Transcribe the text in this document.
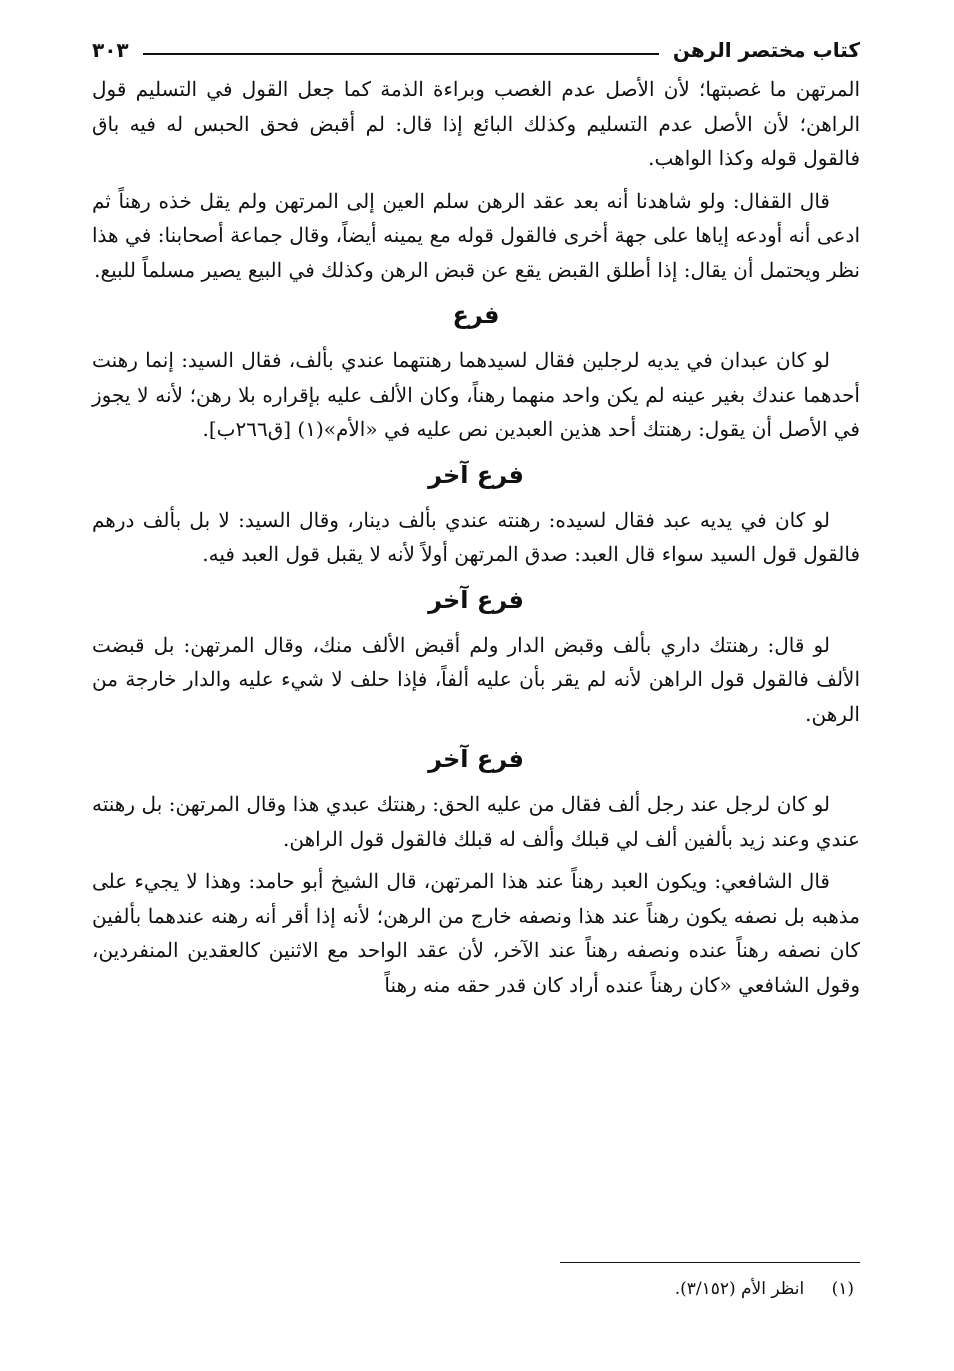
كتاب مختصر الرهن
٣٠٣

المرتهن ما غصبتها؛ لأن الأصل عدم الغصب وبراءة الذمة كما جعل القول في التسليم قول الراهن؛ لأن الأصل عدم التسليم وكذلك البائع إذا قال: لم أقبض فحق الحبس له فيه باق فالقول قوله وكذا الواهب.

قال القفال: ولو شاهدنا أنه بعد عقد الرهن سلم العين إلى المرتهن ولم يقل خذه رهناً ثم ادعى أنه أودعه إياها على جهة أخرى فالقول قوله مع يمينه أيضاً، وقال جماعة أصحابنا: في هذا نظر ويحتمل أن يقال: إذا أطلق القبض يقع عن قبض الرهن وكذلك في البيع يصير مسلماً للبيع.

فرع

لو كان عبدان في يديه لرجلين فقال لسيدهما رهنتهما عندي بألف، فقال السيد: إنما رهنت أحدهما عندك بغير عينه لم يكن واحد منهما رهناً، وكان الألف عليه بإقراره بلا رهن؛ لأنه لا يجوز في الأصل أن يقول: رهنتك أحد هذين العبدين نص عليه في «الأم»(١) [ق٢٦٦ب].

فرع آخر

لو كان في يديه عبد فقال لسيده: رهنته عندي بألف دينار، وقال السيد: لا بل بألف درهم فالقول قول السيد سواء قال العبد: صدق المرتهن أولاً لأنه لا يقبل قول العبد فيه.

فرع آخر

لو قال: رهنتك داري بألف وقبض الدار ولم أقبض الألف منك، وقال المرتهن: بل قبضت الألف فالقول قول الراهن لأنه لم يقر بأن عليه ألفاً، فإذا حلف لا شيء عليه والدار خارجة من الرهن.

فرع آخر

لو كان لرجل عند رجل ألف فقال من عليه الحق: رهنتك عبدي هذا وقال المرتهن: بل رهنته عندي وعند زيد بألفين ألف لي قبلك وألف له قبلك فالقول قول الراهن.

قال الشافعي: ويكون العبد رهناً عند هذا المرتهن، قال الشيخ أبو حامد: وهذا لا يجيء على مذهبه بل نصفه يكون رهناً عند هذا ونصفه خارج من الرهن؛ لأنه إذا أقر أنه رهنه عندهما بألفين كان نصفه رهناً عنده ونصفه رهناً عند الآخر، لأن عقد الواحد مع الاثنين كالعقدين المنفردين، وقول الشافعي «كان رهناً عنده أراد كان قدر حقه منه رهناً

(١) انظر الأم (٣/١٥٢).
